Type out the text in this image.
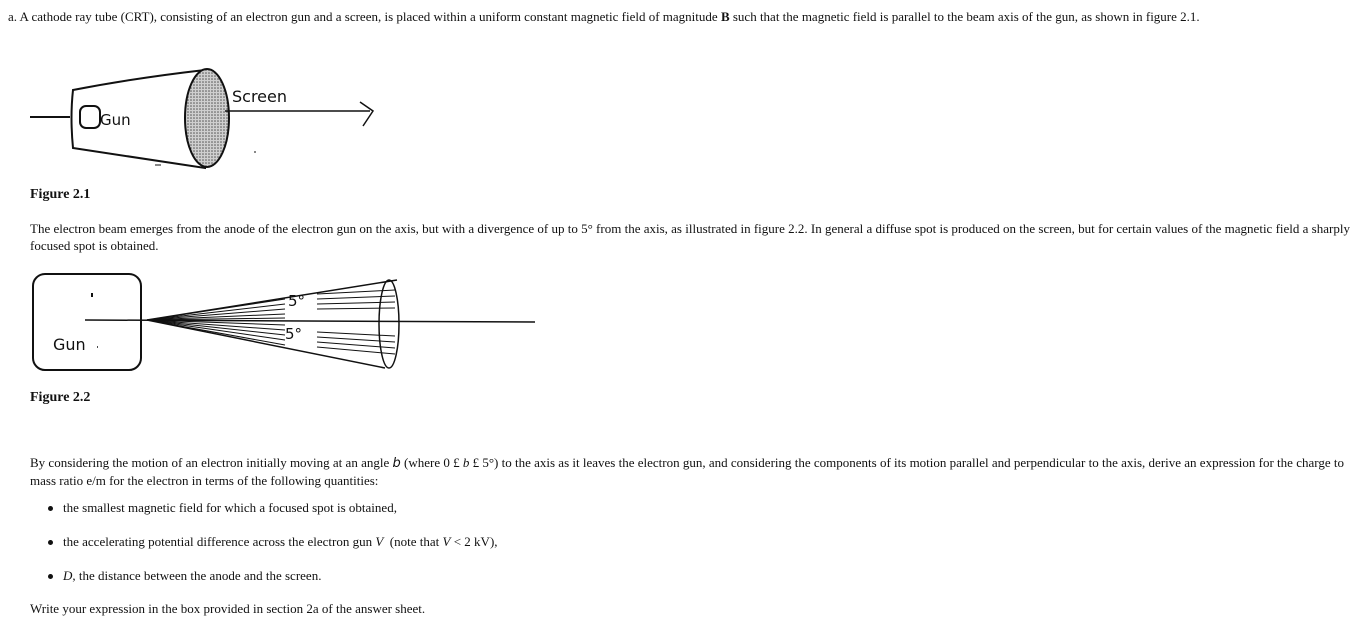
a. A cathode ray tube (CRT), consisting of an electron gun and a screen, is placed within a uniform constant magnetic field of magnitude B such that the magnetic field is parallel to the beam axis of the gun, as shown in figure 2.1.
Gun
Screen
Figure 2.1
The electron beam emerges from the anode of the electron gun on the axis, but with a divergence of up to 5° from the axis, as illustrated in figure 2.2. In general a diffuse spot is produced on the screen, but for certain values of the magnetic field a sharply focused spot is obtained.
Gun
5°
5°
Figure 2.2
By considering the motion of an electron initially moving at an angle b (where 0 £ b £ 5°) to the axis as it leaves the electron gun, and considering the components of its motion parallel and perpendicular to the axis, derive an expression for the charge to mass ratio e/m for the electron in terms of the following quantities:
the smallest magnetic field for which a focused spot is obtained,
the accelerating potential difference across the electron gun V (note that V < 2 kV),
D, the distance between the anode and the screen.
Write your expression in the box provided in section 2a of the answer sheet.
